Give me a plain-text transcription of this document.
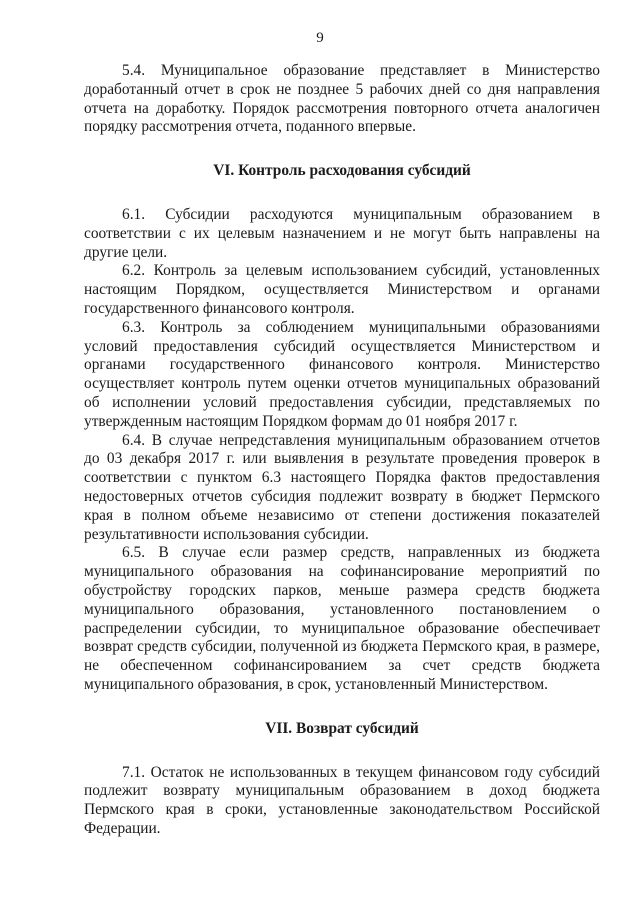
9

5.4. Муниципальное образование представляет в Министерство доработанный отчет в срок не позднее 5 рабочих дней со дня направления отчета на доработку. Порядок рассмотрения повторного отчета аналогичен порядку рассмотрения отчета, поданного впервые.

VI. Контроль расходования субсидий

6.1. Субсидии расходуются муниципальным образованием в соответствии с их целевым назначением и не могут быть направлены на другие цели.

6.2. Контроль за целевым использованием субсидий, установленных настоящим Порядком, осуществляется Министерством и органами государственного финансового контроля.

6.3. Контроль за соблюдением муниципальными образованиями условий предоставления субсидий осуществляется Министерством и органами государственного финансового контроля. Министерство осуществляет контроль путем оценки отчетов муниципальных образований об исполнении условий предоставления субсидии, представляемых по утвержденным настоящим Порядком формам до 01 ноября 2017 г.

6.4. В случае непредставления муниципальным образованием отчетов до 03 декабря 2017 г. или выявления в результате проведения проверок в соответствии с пунктом 6.3 настоящего Порядка фактов предоставления недостоверных отчетов субсидия подлежит возврату в бюджет Пермского края в полном объеме независимо от степени достижения показателей результативности использования субсидии.

6.5. В случае если размер средств, направленных из бюджета муниципального образования на софинансирование мероприятий по обустройству городских парков, меньше размера средств бюджета муниципального образования, установленного постановлением о распределении субсидии, то муниципальное образование обеспечивает возврат средств субсидии, полученной из бюджета Пермского края, в размере, не обеспеченном софинансированием за счет средств бюджета муниципального образования, в срок, установленный Министерством.

VII. Возврат субсидий

7.1. Остаток не использованных в текущем финансовом году субсидий подлежит возврату муниципальным образованием в доход бюджета Пермского края в сроки, установленные законодательством Российской Федерации.
